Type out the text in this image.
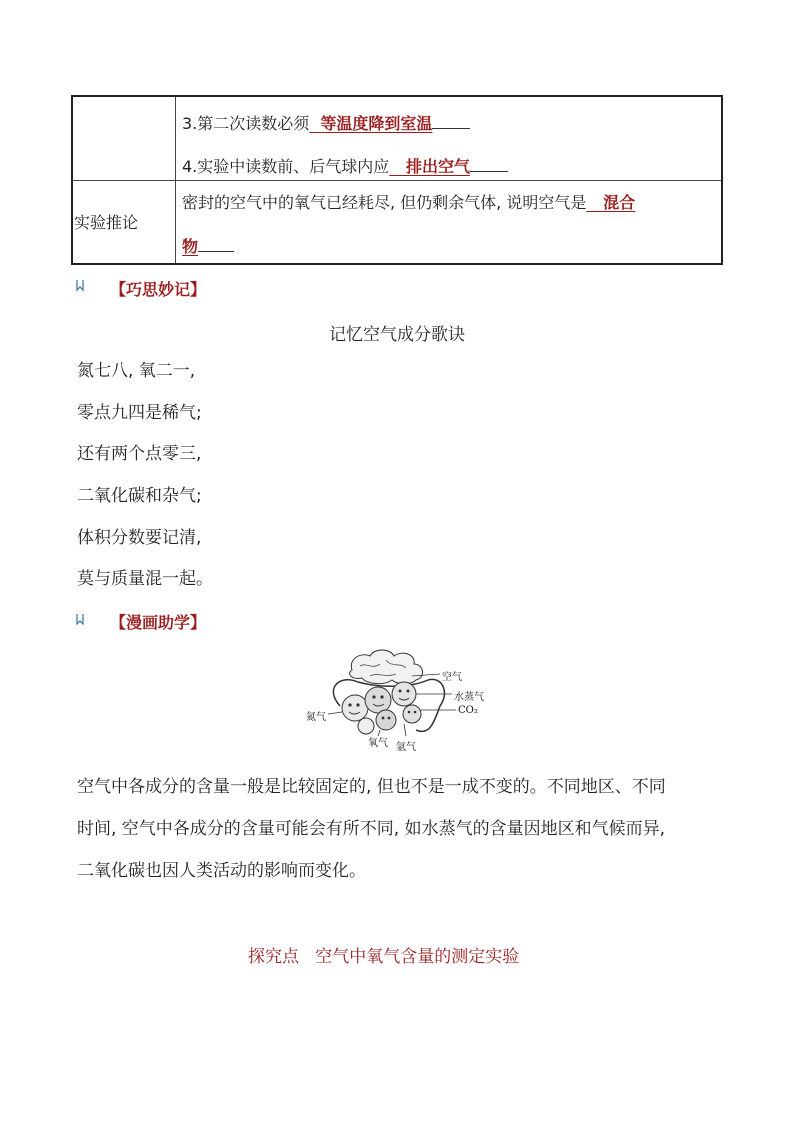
3.第二次读数必须 等温度降到室温
4.实验中读数前、后气球内应 排出空气
实验推论
密封的空气中的氧气已经耗尽, 但仍剩余气体, 说明空气是 混合
物
【巧思妙记】
记忆空气成分歌诀
氮七八, 氧二一,
零点九四是稀气;
还有两个点零三,
二氧化碳和杂气;
体积分数要记清,
莫与质量混一起。
【漫画助学】
空气
水蒸气
CO₂
氮气
氧气 氩气
空气中各成分的含量一般是比较固定的, 但也不是一成不变的。不同地区、不同
时间, 空气中各成分的含量可能会有所不同, 如水蒸气的含量因地区和气候而异,
二氧化碳也因人类活动的影响而变化。
探究点 空气中氧气含量的测定实验
